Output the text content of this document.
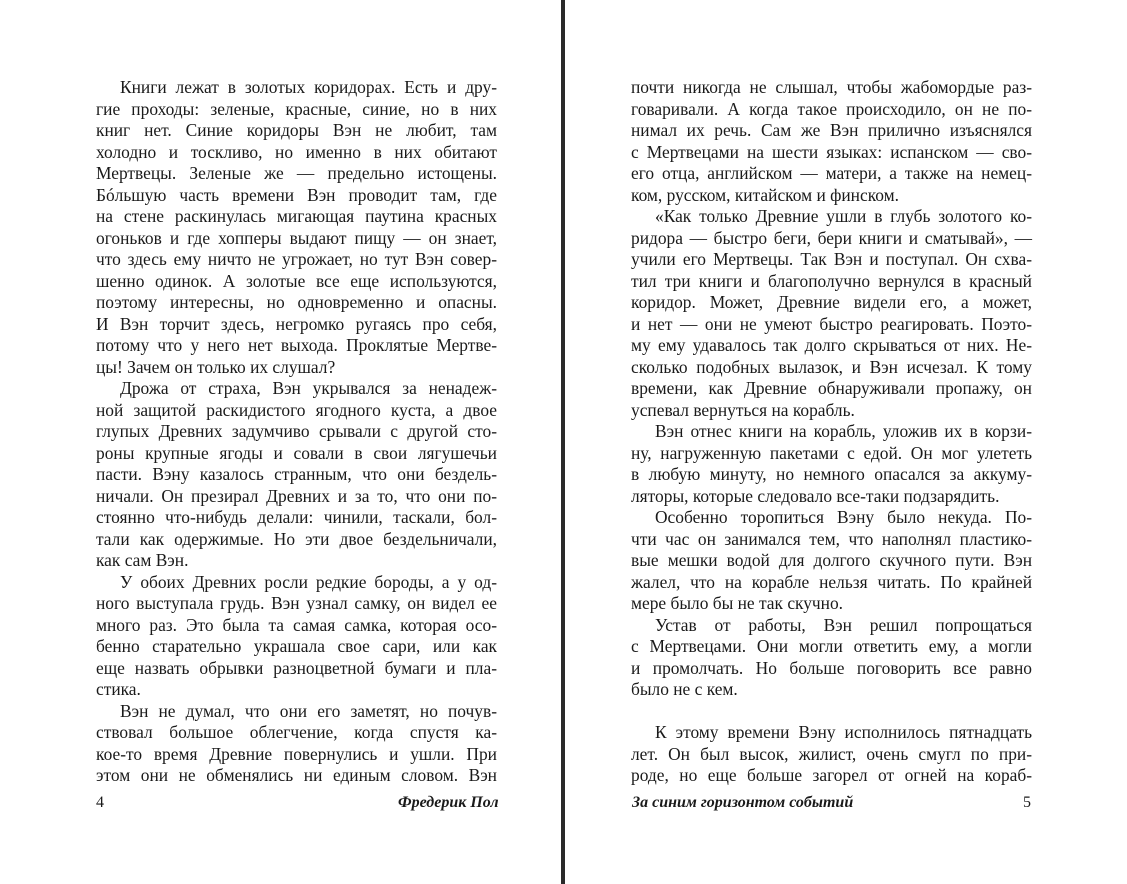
Книги лежат в золотых коридорах. Есть и дру-
гие проходы: зеленые, красные, синие, но в них
книг нет. Синие коридоры Вэн не любит, там
холодно и тоскливо, но именно в них обитают
Мертвецы. Зеленые же — предельно истощены.
Бóльшую часть времени Вэн проводит там, где
на стене раскинулась мигающая паутина красных
огоньков и где хопперы выдают пищу — он знает,
что здесь ему ничто не угрожает, но тут Вэн совер-
шенно одинок. А золотые все еще используются,
поэтому интересны, но одновременно и опасны.
И Вэн торчит здесь, негромко ругаясь про себя,
потому что у него нет выхода. Проклятые Мертве-
цы! Зачем он только их слушал?
Дрожа от страха, Вэн укрывался за ненадеж-
ной защитой раскидистого ягодного куста, а двое
глупых Древних задумчиво срывали с другой сто-
роны крупные ягоды и совали в свои лягушечьи
пасти. Вэну казалось странным, что они бездель-
ничали. Он презирал Древних и за то, что они по-
стоянно что-нибудь делали: чинили, таскали, бол-
тали как одержимые. Но эти двое бездельничали,
как сам Вэн.
У обоих Древних росли редкие бороды, а у од-
ного выступала грудь. Вэн узнал самку, он видел ее
много раз. Это была та самая самка, которая осо-
бенно старательно украшала свое сари, или как
еще назвать обрывки разноцветной бумаги и пла-
стика.
Вэн не думал, что они его заметят, но почув-
ствовал большое облегчение, когда спустя ка-
кое-то время Древние повернулись и ушли. При
этом они не обменялись ни единым словом. Вэн
4	Фредерик Пол
почти никогда не слышал, чтобы жабомордые раз-
говаривали. А когда такое происходило, он не по-
нимал их речь. Сам же Вэн прилично изъяснялся
с Мертвецами на шести языках: испанском — сво-
его отца, английском — матери, а также на немец-
ком, русском, китайском и финском.
«Как только Древние ушли в глубь золотого ко-
ридора — быстро беги, бери книги и сматывай», —
учили его Мертвецы. Так Вэн и поступал. Он схва-
тил три книги и благополучно вернулся в красный
коридор. Может, Древние видели его, а может,
и нет — они не умеют быстро реагировать. Поэто-
му ему удавалось так долго скрываться от них. Не-
сколько подобных вылазок, и Вэн исчезал. К тому
времени, как Древние обнаруживали пропажу, он
успевал вернуться на корабль.
Вэн отнес книги на корабль, уложив их в корзи-
ну, нагруженную пакетами с едой. Он мог улететь
в любую минуту, но немного опасался за аккуму-
ляторы, которые следовало все-таки подзарядить.
Особенно торопиться Вэну было некуда. По-
чти час он занимался тем, что наполнял пластико-
вые мешки водой для долгого скучного пути. Вэн
жалел, что на корабле нельзя читать. По крайней
мере было бы не так скучно.
Устав от работы, Вэн решил попрощаться
с Мертвецами. Они могли ответить ему, а могли
и промолчать. Но больше поговорить все равно
было не с кем.
К этому времени Вэну исполнилось пятнадцать
лет. Он был высок, жилист, очень смугл по при-
роде, но еще больше загорел от огней на кораб-
За синим горизонтом событий	5
